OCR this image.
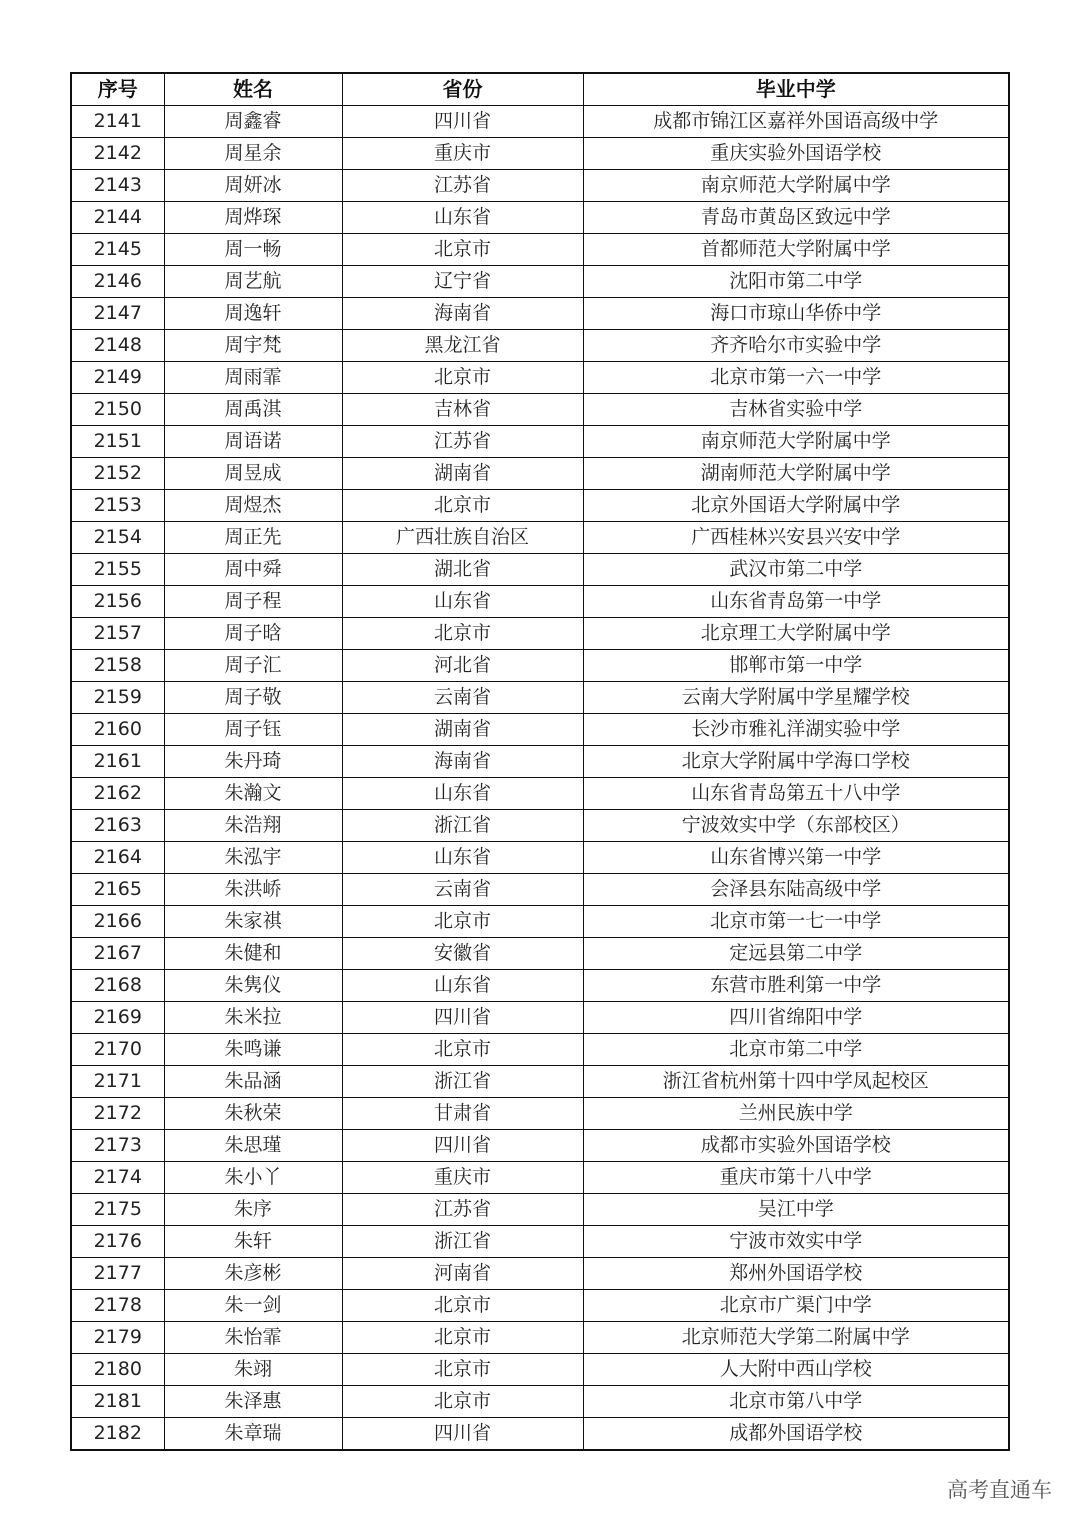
序号	姓名	省份	毕业中学
2141	周鑫睿	四川省	成都市锦江区嘉祥外国语高级中学
2142	周星余	重庆市	重庆实验外国语学校
2143	周妍冰	江苏省	南京师范大学附属中学
2144	周烨琛	山东省	青岛市黄岛区致远中学
2145	周一畅	北京市	首都师范大学附属中学
2146	周艺航	辽宁省	沈阳市第二中学
2147	周逸轩	海南省	海口市琼山华侨中学
2148	周宇梵	黑龙江省	齐齐哈尔市实验中学
2149	周雨霏	北京市	北京市第一六一中学
2150	周禹淇	吉林省	吉林省实验中学
2151	周语诺	江苏省	南京师范大学附属中学
2152	周昱成	湖南省	湖南师范大学附属中学
2153	周煜杰	北京市	北京外国语大学附属中学
2154	周正先	广西壮族自治区	广西桂林兴安县兴安中学
2155	周中舜	湖北省	武汉市第二中学
2156	周子程	山东省	山东省青岛第一中学
2157	周子晗	北京市	北京理工大学附属中学
2158	周子汇	河北省	邯郸市第一中学
2159	周子敬	云南省	云南大学附属中学星耀学校
2160	周子钰	湖南省	长沙市雅礼洋湖实验中学
2161	朱丹琦	海南省	北京大学附属中学海口学校
2162	朱瀚文	山东省	山东省青岛第五十八中学
2163	朱浩翔	浙江省	宁波效实中学（东部校区）
2164	朱泓宇	山东省	山东省博兴第一中学
2165	朱洪峤	云南省	会泽县东陆高级中学
2166	朱家祺	北京市	北京市第一七一中学
2167	朱健和	安徽省	定远县第二中学
2168	朱隽仪	山东省	东营市胜利第一中学
2169	朱米拉	四川省	四川省绵阳中学
2170	朱鸣谦	北京市	北京市第二中学
2171	朱品涵	浙江省	浙江省杭州第十四中学凤起校区
2172	朱秋荣	甘肃省	兰州民族中学
2173	朱思瑾	四川省	成都市实验外国语学校
2174	朱小丫	重庆市	重庆市第十八中学
2175	朱序	江苏省	吴江中学
2176	朱轩	浙江省	宁波市效实中学
2177	朱彦彬	河南省	郑州外国语学校
2178	朱一剑	北京市	北京市广渠门中学
2179	朱怡霏	北京市	北京师范大学第二附属中学
2180	朱翊	北京市	人大附中西山学校
2181	朱泽惠	北京市	北京市第八中学
2182	朱章瑞	四川省	成都外国语学校
高考直通车
